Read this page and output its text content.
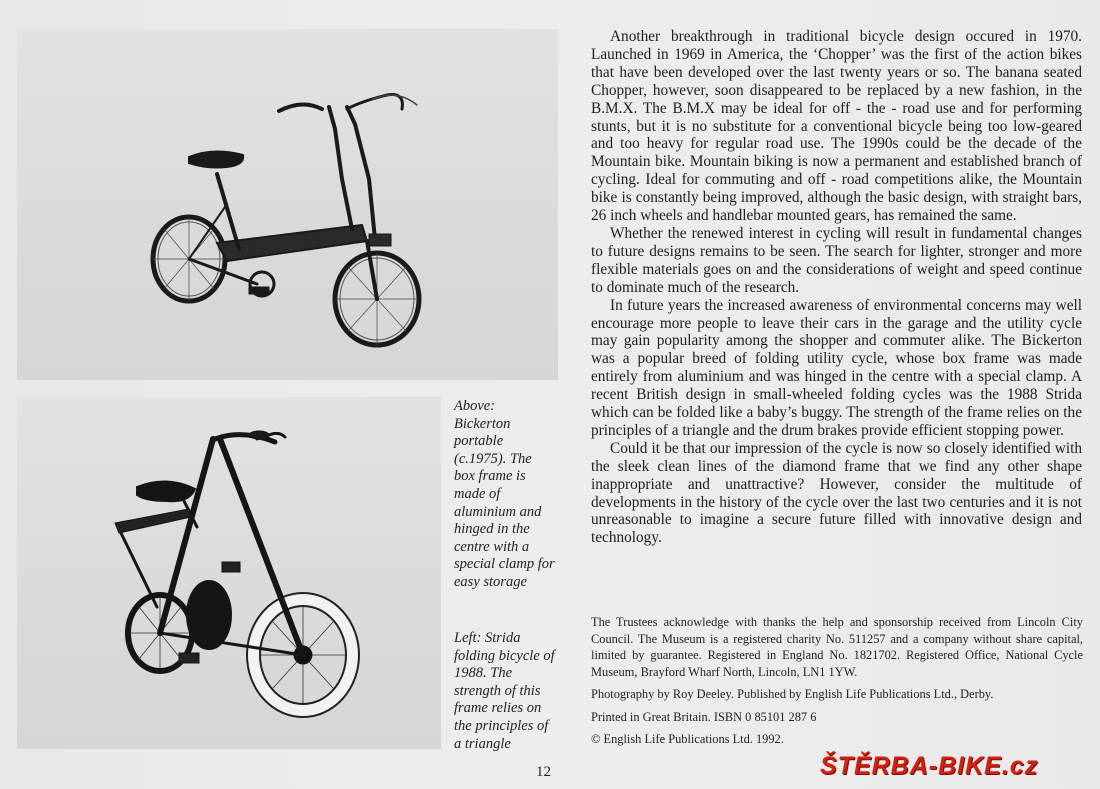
Above:
Bickerton
portable
(c.1975). The
box frame is
made of
aluminium and
hinged in the
centre with a
special clamp for
easy storage
Left: Strida
folding bicycle of
1988. The
strength of this
frame relies on
the principles of
a triangle

Another breakthrough in traditional bicycle design occured in 1970. Launched in 1969 in America, the ‘Chopper’ was the first of the action bikes that have been developed over the last twenty years or so. The banana seated Chopper, however, soon disappeared to be replaced by a new fashion, in the B.M.X. The B.M.X may be ideal for off - the - road use and for performing stunts, but it is no substitute for a conventional bicycle being too low-geared and too heavy for regular road use. The 1990s could be the decade of the Mountain bike. Mountain biking is now a permanent and established branch of cycling. Ideal for commuting and off - road competitions alike, the Mountain bike is constantly being improved, although the basic design, with straight bars, 26 inch wheels and handlebar mounted gears, has remained the same.

Whether the renewed interest in cycling will result in fundamental changes to future designs remains to be seen. The search for lighter, stronger and more flexible materials goes on and the considerations of weight and speed continue to dominate much of the research.

In future years the increased awareness of environmental concerns may well encourage more people to leave their cars in the garage and the utility cycle may gain popularity among the shopper and commuter alike. The Bickerton was a popular breed of folding utility cycle, whose box frame was made entirely from aluminium and was hinged in the centre with a special clamp. A recent British design in small-wheeled folding cycles was the 1988 Strida which can be folded like a baby’s buggy. The strength of the frame relies on the principles of a triangle and the drum brakes provide efficient stopping power.

Could it be that our impression of the cycle is now so closely identified with the sleek clean lines of the diamond frame that we find any other shape inappropriate and unattractive? However, consider the multitude of developments in the history of the cycle over the last two centuries and it is not unreasonable to imagine a secure future filled with innovative design and technology.

The Trustees acknowledge with thanks the help and sponsorship received from Lincoln City Council. The Museum is a registered charity No. 511257 and a company without share capital, limited by guarantee. Registered in England No. 1821702. Registered Office, National Cycle Museum, Brayford Wharf North, Lincoln, LN1 1YW.

Photography by Roy Deeley. Published by English Life Publications Ltd., Derby.

Printed in Great Britain. ISBN 0 85101 287 6

© English Life Publications Ltd. 1992.

12	ŠTĚRBA-BIKE.cz
